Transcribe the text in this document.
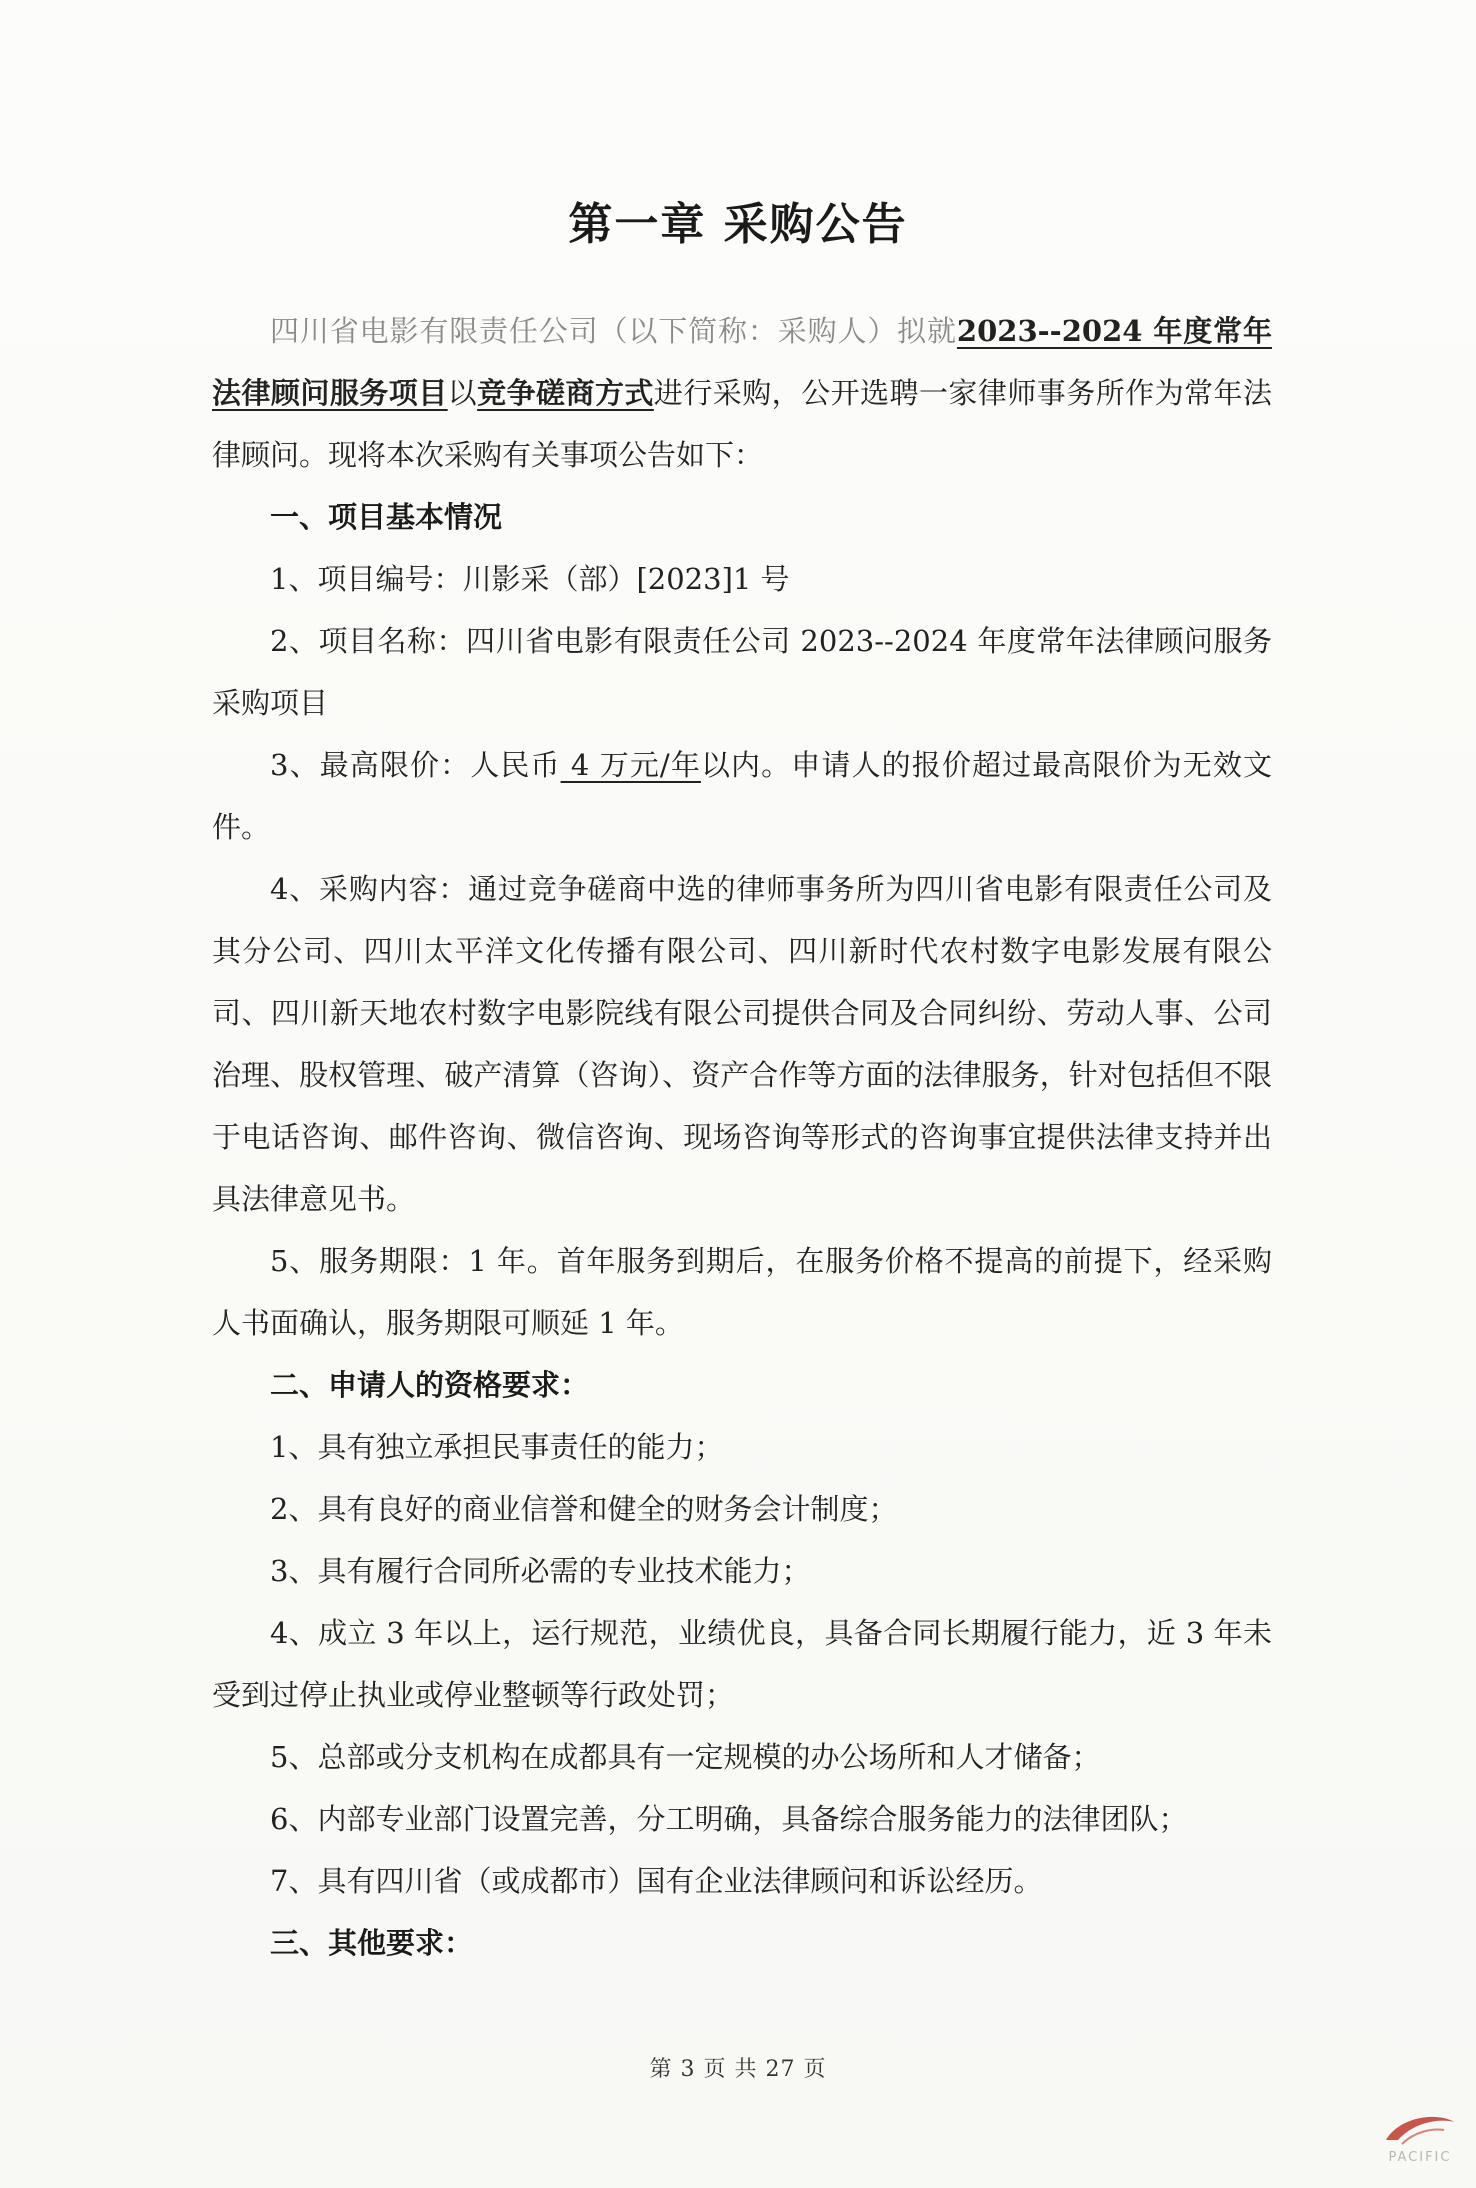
第一章 采购公告

四川省电影有限责任公司（以下简称：采购人）拟就2023--2024 年度常年法律顾问服务项目以竞争磋商方式进行采购，公开选聘一家律师事务所作为常年法律顾问。现将本次采购有关事项公告如下：

一、项目基本情况

1、项目编号：川影采（部）[2023]1 号

2、项目名称：四川省电影有限责任公司 2023--2024 年度常年法律顾问服务采购项目

3、最高限价：人民币 4 万元/年以内。申请人的报价超过最高限价为无效文件。

4、采购内容：通过竞争磋商中选的律师事务所为四川省电影有限责任公司及其分公司、四川太平洋文化传播有限公司、四川新时代农村数字电影发展有限公司、四川新天地农村数字电影院线有限公司提供合同及合同纠纷、劳动人事、公司治理、股权管理、破产清算（咨询）、资产合作等方面的法律服务，针对包括但不限于电话咨询、邮件咨询、微信咨询、现场咨询等形式的咨询事宜提供法律支持并出具法律意见书。

5、服务期限：1 年。首年服务到期后，在服务价格不提高的前提下，经采购人书面确认，服务期限可顺延 1 年。

二、申请人的资格要求：

1、具有独立承担民事责任的能力；

2、具有良好的商业信誉和健全的财务会计制度；

3、具有履行合同所必需的专业技术能力；

4、成立 3 年以上，运行规范，业绩优良，具备合同长期履行能力，近 3 年未受到过停止执业或停业整顿等行政处罚；

5、总部或分支机构在成都具有一定规模的办公场所和人才储备；

6、内部专业部门设置完善，分工明确，具备综合服务能力的法律团队；

7、具有四川省（或成都市）国有企业法律顾问和诉讼经历。

三、其他要求：

第 3 页 共 27 页
PACIFIC
